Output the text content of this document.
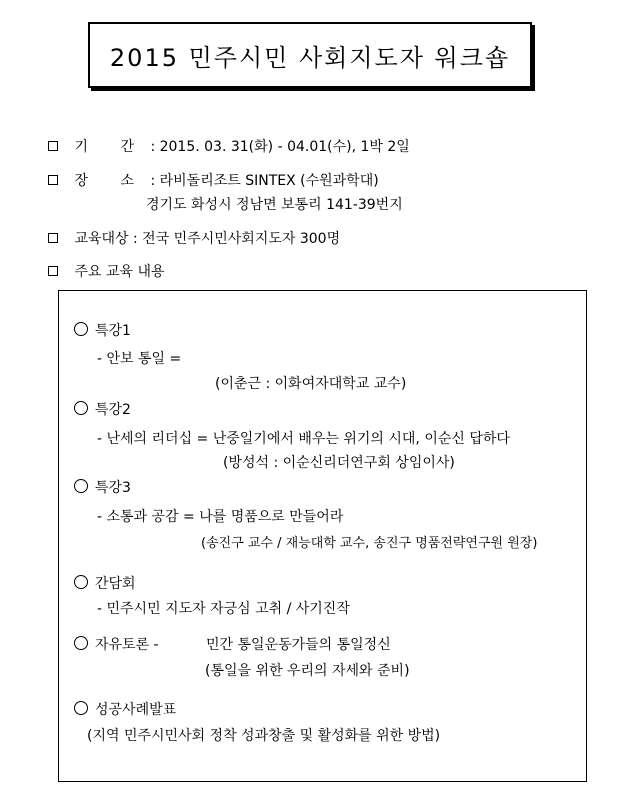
2015 민주시민 사회지도자 워크숍
기 간 : 2015. 03. 31(화) - 04.01(수), 1박 2일
장 소 : 라비돌리조트 SINTEX (수원과학대)
경기도 화성시 정남면 보통리 141-39번지
교육대상 : 전국 민주시민사회지도자 300명
주요 교육 내용
특강1
- 안보 통일 =
(이춘근 : 이화여자대학교 교수)
특강2
- 난세의 리더십 = 난중일기에서 배우는 위기의 시대, 이순신 답하다
(방성석 : 이순신리더연구회 상임이사)
특강3
- 소통과 공감 = 나를 명품으로 만들어라
(송진구 교수 / 재능대학 교수, 송진구 명품전략연구원 원장)
간담회
- 민주시민 지도자 자긍심 고취 / 사기진작
자유토론 -	민간 통일운동가들의 통일정신
(통일을 위한 우리의 자세와 준비)
성공사례발표
(지역 민주시민사회 정착 성과창출 및 활성화를 위한 방법)
